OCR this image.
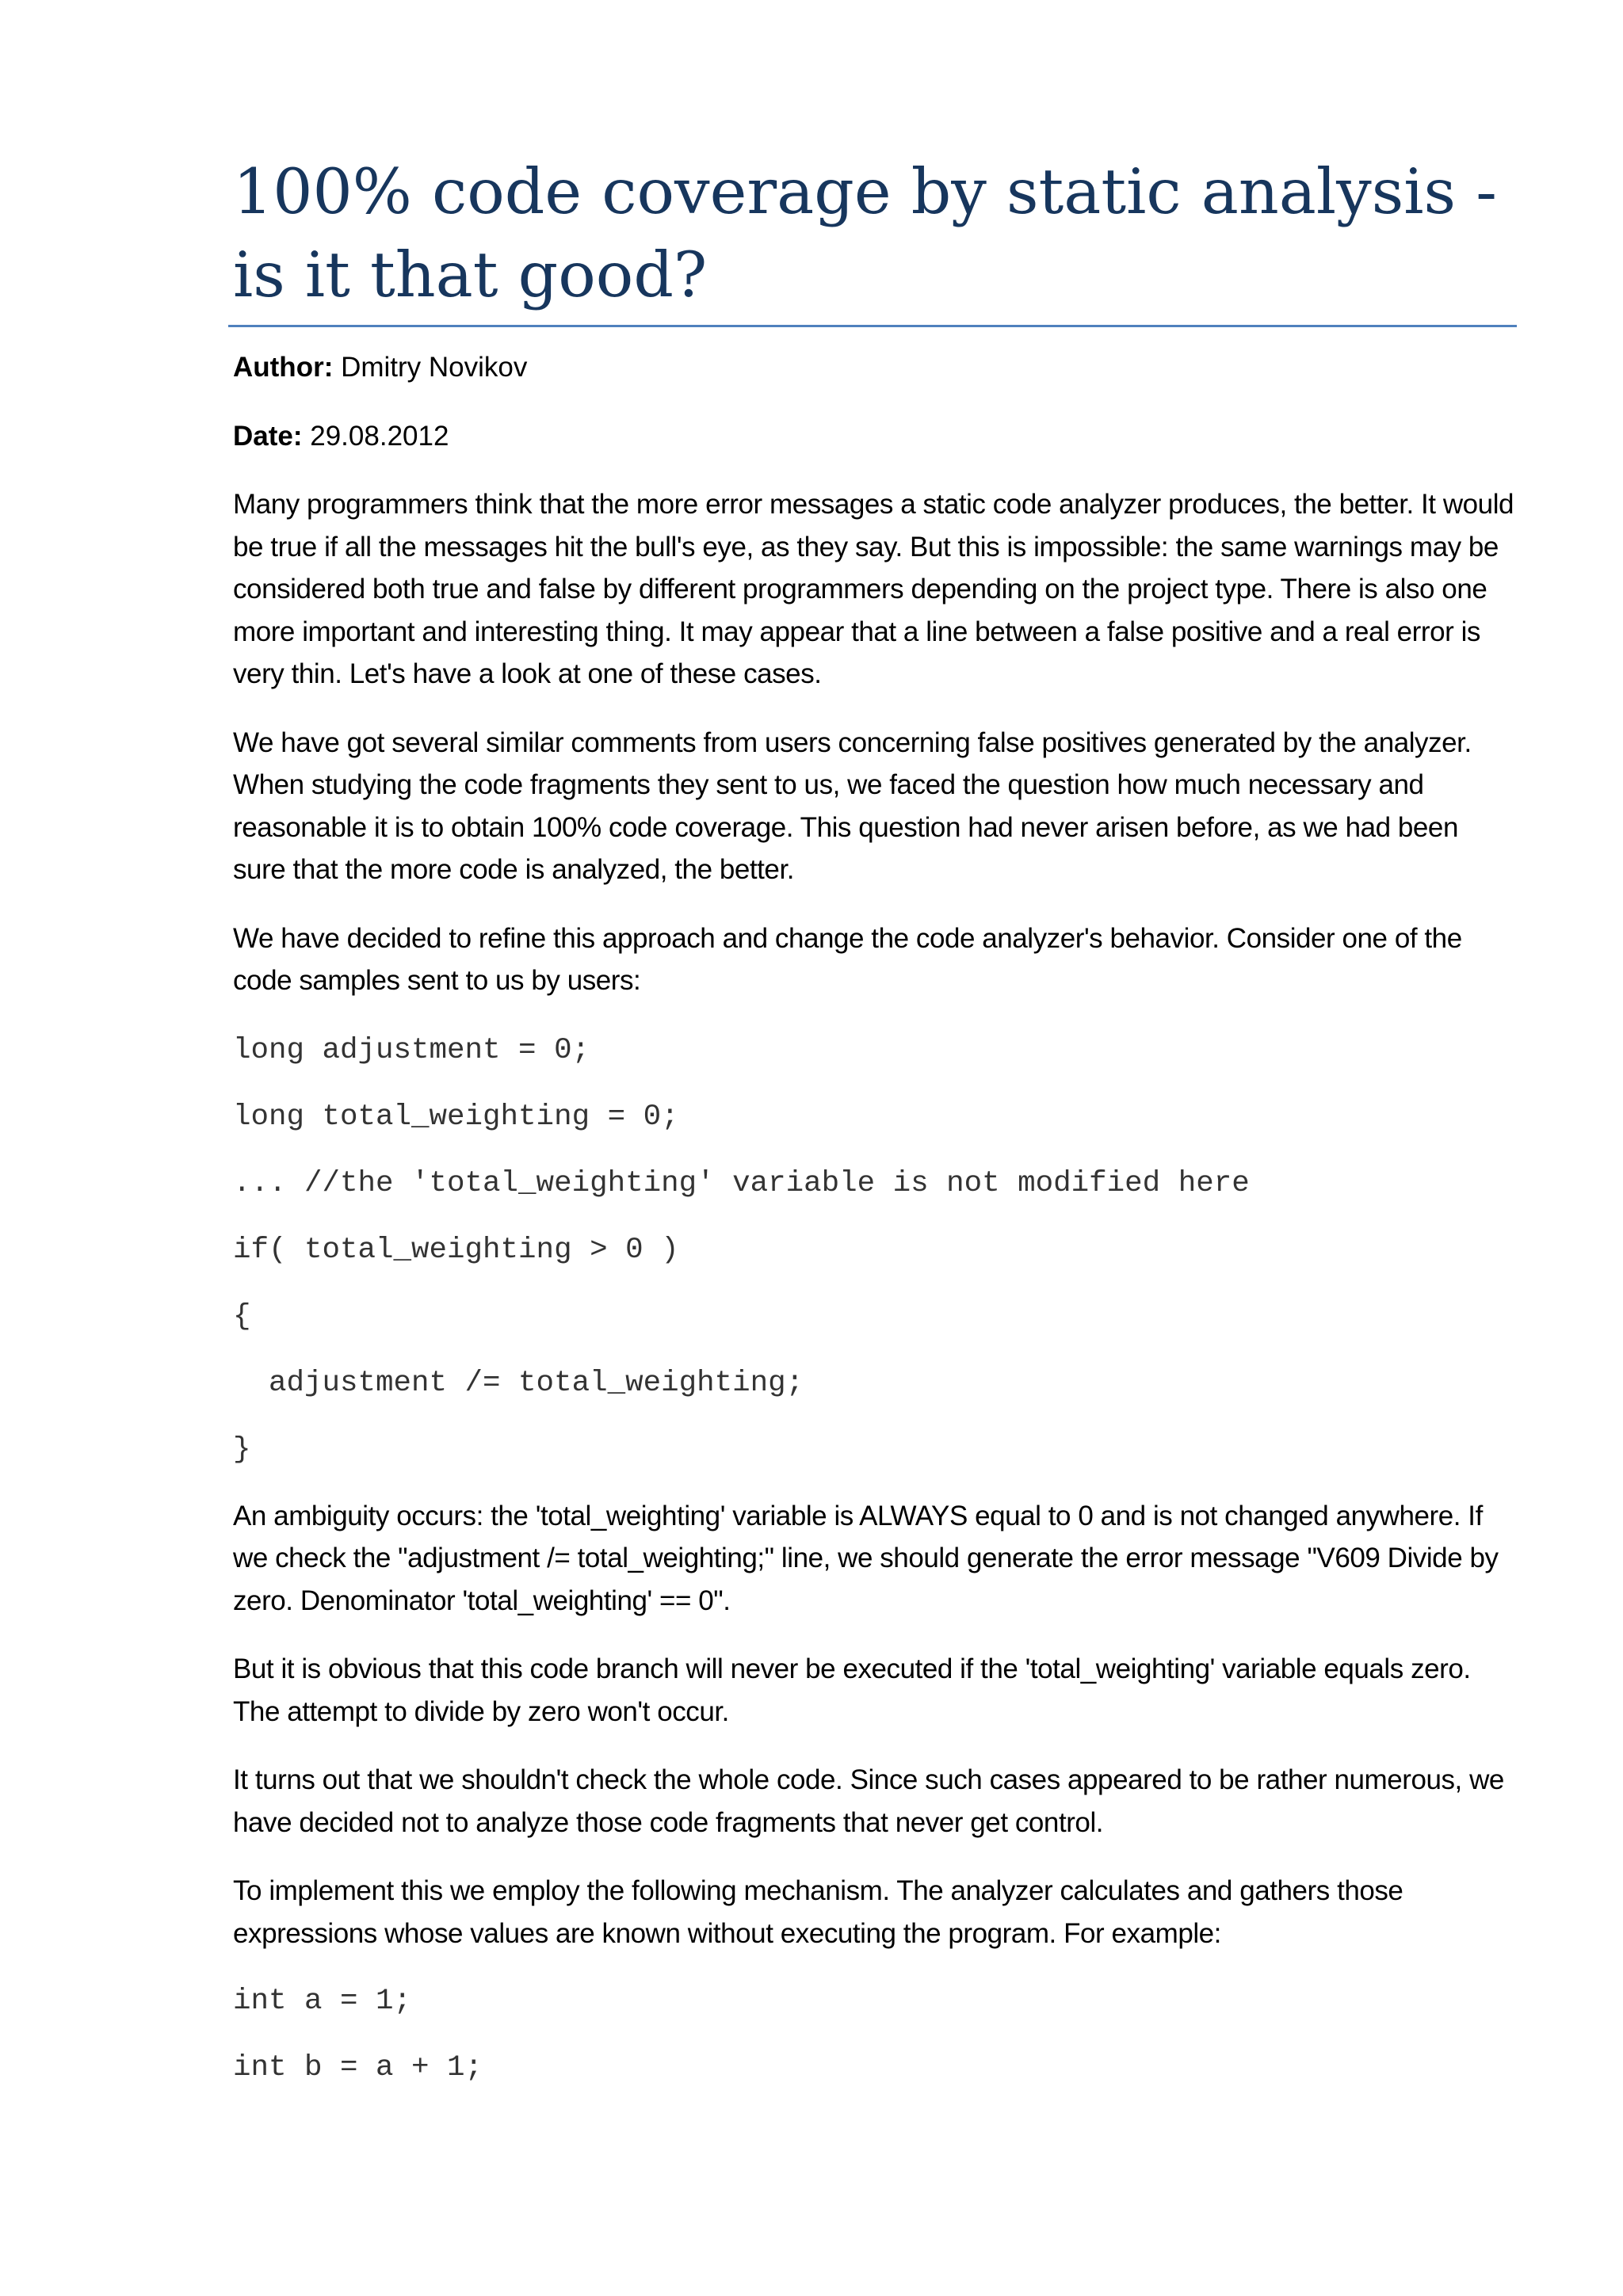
100% code coverage by static analysis -
is it that good?

Author: Dmitry Novikov

Date: 29.08.2012

Many programmers think that the more error messages a static code analyzer produces, the better. It would be true if all the messages hit the bull's eye, as they say. But this is impossible: the same warnings may be considered both true and false by different programmers depending on the project type. There is also one more important and interesting thing. It may appear that a line between a false positive and a real error is very thin. Let's have a look at one of these cases.

We have got several similar comments from users concerning false positives generated by the analyzer. When studying the code fragments they sent to us, we faced the question how much necessary and reasonable it is to obtain 100% code coverage. This question had never arisen before, as we had been sure that the more code is analyzed, the better.

We have decided to refine this approach and change the code analyzer's behavior. Consider one of the code samples sent to us by users:

long adjustment = 0;

long total_weighting = 0;

... //the 'total_weighting' variable is not modified here

if( total_weighting > 0 )

{

adjustment /= total_weighting;

}

An ambiguity occurs: the 'total_weighting' variable is ALWAYS equal to 0 and is not changed anywhere. If we check the "adjustment /= total_weighting;" line, we should generate the error message "V609 Divide by zero. Denominator 'total_weighting' == 0".

But it is obvious that this code branch will never be executed if the 'total_weighting' variable equals zero. The attempt to divide by zero won't occur.

It turns out that we shouldn't check the whole code. Since such cases appeared to be rather numerous, we have decided not to analyze those code fragments that never get control.

To implement this we employ the following mechanism. The analyzer calculates and gathers those expressions whose values are known without executing the program. For example:

int a = 1;

int b = a + 1;
